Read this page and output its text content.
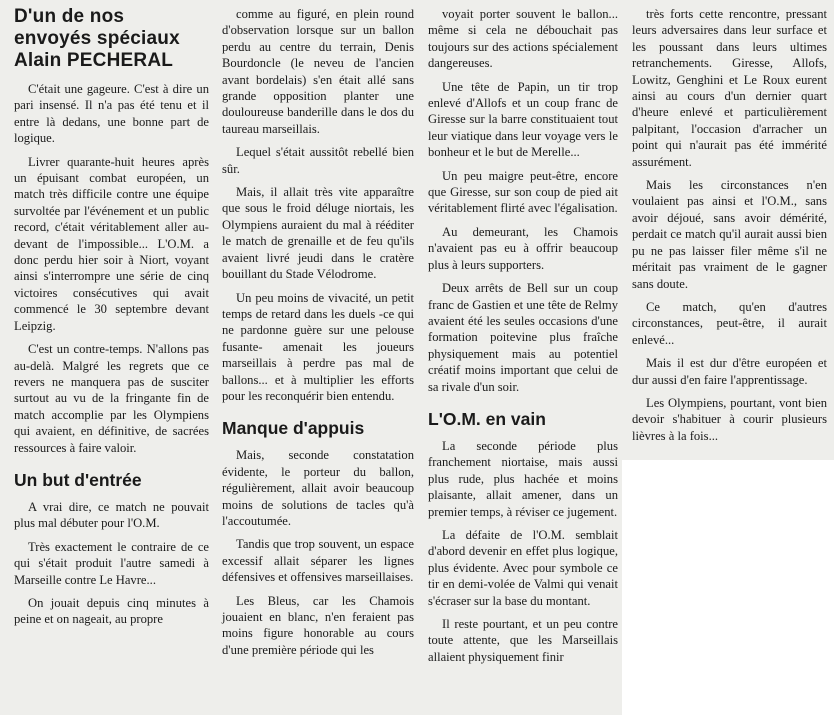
D'un de nos
envoyés spéciaux
Alain PECHERAL

C'était une gageure. C'est à dire un pari insensé. Il n'a pas été tenu et il entre là dedans, une bonne part de logique.

Livrer quarante-huit heures après un épuisant combat européen, un match très difficile contre une équipe survoltée par l'événement et un public record, c'était véritablement aller au-devant de l'impossible... L'O.M. a donc perdu hier soir à Niort, voyant ainsi s'interrompre une série de cinq victoires consécutives qui avait commencé le 30 septembre devant Leipzig.

C'est un contre-temps. N'allons pas au-delà. Malgré les regrets que ce revers ne manquera pas de susciter surtout au vu de la fringante fin de match accomplie par les Olympiens qui avaient, en définitive, de sacrées ressources à faire valoir.

Un but d'entrée

A vrai dire, ce match ne pouvait plus mal débuter pour l'O.M.

Très exactement le contraire de ce qui s'était produit l'autre samedi à Marseille contre Le Havre...

On jouait depuis cinq minutes à peine et on nageait, au propre

comme au figuré, en plein round d'observation lorsque sur un ballon perdu au centre du terrain, Denis Bourdoncle (le neveu de l'ancien avant bordelais) s'en était allé sans grande opposition planter une douloureuse banderille dans le dos du taureau marseillais.

Lequel s'était aussitôt rebellé bien sûr.

Mais, il allait très vite apparaître que sous le froid déluge niortais, les Olympiens auraient du mal à rééditer le match de grenaille et de feu qu'ils avaient livré jeudi dans le cratère bouillant du Stade Vélodrome.

Un peu moins de vivacité, un petit temps de retard dans les duels -ce qui ne pardonne guère sur une pelouse fusante- amenait les joueurs marseillais à perdre pas mal de ballons... et à multiplier les efforts pour les reconquérir bien entendu.

Manque d'appuis

Mais, seconde constatation évidente, le porteur du ballon, régulièrement, allait avoir beaucoup moins de solutions de tacles qu'à l'accoutumée.

Tandis que trop souvent, un espace excessif allait séparer les lignes défensives et offensives marseillaises.

Les Bleus, car les Chamois jouaient en blanc, n'en feraient pas moins figure honorable au cours d'une première période qui les

voyait porter souvent le ballon... même si cela ne débouchait pas toujours sur des actions spécialement dangereuses.

Une tête de Papin, un tir trop enlevé d'Allofs et un coup franc de Giresse sur la barre constituaient tout leur viatique dans leur voyage vers le bonheur et le but de Merelle...

Un peu maigre peut-être, encore que Giresse, sur son coup de pied ait véritablement flirté avec l'égalisation.

Au demeurant, les Chamois n'avaient pas eu à offrir beaucoup plus à leurs supporters.

Deux arrêts de Bell sur un coup franc de Gastien et une tête de Relmy avaient été les seules occasions d'une formation poitevine plus fraîche physiquement mais au potentiel créatif moins important que celui de sa rivale d'un soir.

L'O.M. en vain

La seconde période plus franchement niortaise, mais aussi plus rude, plus hachée et moins plaisante, allait amener, dans un premier temps, à réviser ce jugement.

La défaite de l'O.M. semblait d'abord devenir en effet plus logique, plus évidente. Avec pour symbole ce tir en demi-volée de Valmi qui venait s'écraser sur la base du montant.

Il reste pourtant, et un peu contre toute attente, que les Marseillais allaient physiquement finir

très forts cette rencontre, pressant leurs adversaires dans leur surface et les poussant dans leurs ultimes retranchements. Giresse, Allofs, Lowitz, Genghini et Le Roux eurent ainsi au cours d'un dernier quart d'heure enlevé et particulièrement palpitant, l'occasion d'arracher un point qui n'aurait pas été immérité assurément.

Mais les circonstances n'en voulaient pas ainsi et l'O.M., sans avoir déjoué, sans avoir démérité, perdait ce match qu'il aurait aussi bien pu ne pas laisser filer même s'il ne méritait pas vraiment de le gagner sans doute.

Ce match, qu'en d'autres circonstances, peut-être, il aurait enlevé...

Mais il est dur d'être européen et dur aussi d'en faire l'apprentissage.

Les Olympiens, pourtant, vont bien devoir s'habituer à courir plusieurs lièvres à la fois...
